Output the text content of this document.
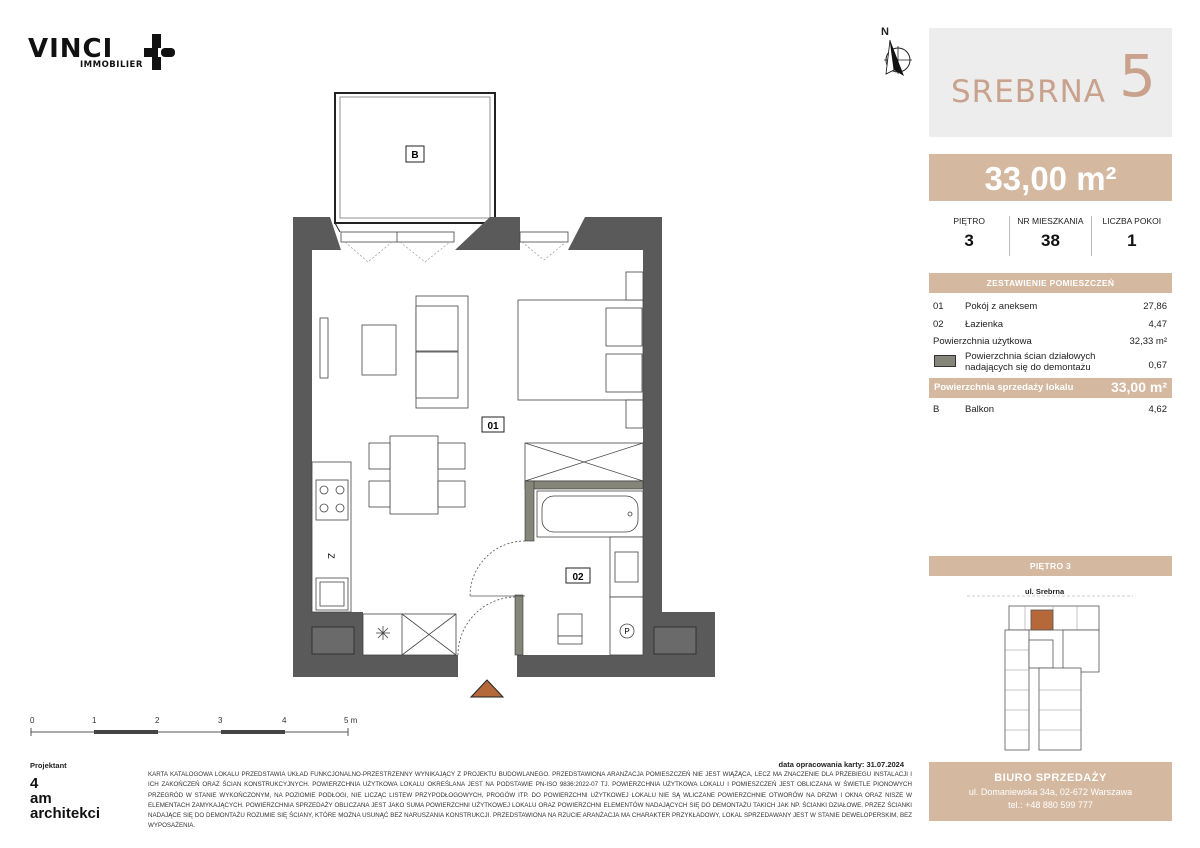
VINCI
IMMOBILIER
N
B
01
Z
P
02
0	1	2	3	4	5 m
SREBRNA 5
33,00 m²
PIĘTRO
3
NR MIESZKANIA
38
LICZBA POKOI
1
ZESTAWIENIE POMIESZCZEŃ
01 Pokój z aneksem	27,86
02 Łazienka	4,47
Powierzchnia użytkowa	32,33 m²
Powierzchnia ścian działowych nadających się do demontażu	0,67
Powierzchnia sprzedaży lokalu	33,00 m²
B	Balkon	4,62
PIĘTRO 3
ul. Srebrna
BIURO SPRZEDAŻY
ul. Domaniewska 34a, 02-672 Warszawa
tel.: +48 880 599 777
Projektant
4
am
architekci
data opracowania karty: 31.07.2024
KARTA KATALOGOWA LOKALU PRZEDSTAWIA UKŁAD FUNKCJONALNO-PRZESTRZENNY WYNIKAJĄCY Z PROJEKTU BUDOWLANEGO. PRZEDSTAWIONA ARANŻACJA POMIESZCZEŃ NIE JEST WIĄŻĄCA, LECZ MA ZNACZENIE DLA PRZEBIEGU INSTALACJI I ICH ZAKOŃCZEŃ ORAZ ŚCIAN KONSTRUKCYJNYCH. POWIERZCHNIA UŻYTKOWA LOKALU OKREŚLANA JEST NA PODSTAWIE PN-ISO 9836:2022-07 TJ. POWIERZCHNIA UŻYTKOWA LOKALU I POMIESZCZEŃ JEST OBLICZANA W ŚWIETLE PIONOWYCH PRZEGRÓD W STANIE WYKOŃCZONYM, NA POZIOMIE PODŁOGI, NIE LICZĄC LISTEW PRZYPODŁOGOWYCH, PROGÓW ITP. DO POWIERZCHNI UŻYTKOWEJ LOKALU NIE SĄ WLICZANE POWIERZCHNIE OTWORÓW NA DRZWI I OKNA ORAZ NISZE W ELEMENTACH ZAMYKAJĄCYCH. POWIERZCHNIA SPRZEDAŻY OBLICZANA JEST JAKO SUMA POWIERZCHNI UŻYTKOWEJ LOKALU ORAZ POWIERZCHNI ELEMENTÓW NADAJĄCYCH SIĘ DO DEMONTAŻU TAKICH JAK NP. ŚCIANKI DZIAŁOWE. PRZEZ ŚCIANKI NADAJĄCE SIĘ DO DEMONTAŻU ROZUMIE SIĘ ŚCIANY, KTÓRE MOŻNA USUNĄĆ BEZ NARUSZANIA KONSTRUKCJI. PRZEDSTAWIONA NA RZUCIE ARANŻACJA MA CHARAKTER PRZYKŁADOWY, LOKAL SPRZEDAWANY JEST W STANIE DEWELOPERSKIM, BEZ WYPOSAŻENIA.
